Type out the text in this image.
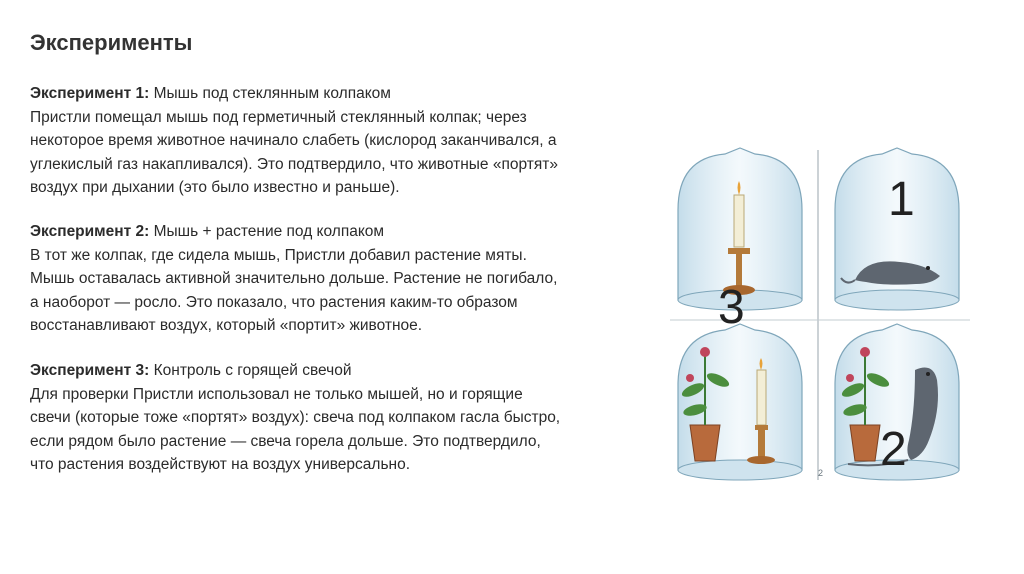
Эксперименты

Эксперимент 1: Мышь под стеклянным колпаком

Пристли помещал мышь под герметичный стеклянный колпак; через

некоторое время животное начинало слабеть (кислород заканчивался, а

углекислый газ накапливался). Это подтвердило, что животные «портят»

воздух при дыхании (это было известно и раньше).

Эксперимент 2: Мышь + растение под колпаком

В тот же колпак, где сидела мышь, Пристли добавил растение мяты.

Мышь оставалась активной значительно дольше. Растение не погибало,

а наоборот — росло. Это показало, что растения каким-то образом

восстанавливают воздух, который «портит» животное.

Эксперимент 3: Контроль с горящей свечой

Для проверки Пристли использовал не только мышей, но и горящие

свечи (которые тоже «портят» воздух): свеча под колпаком гасла быстро,

если рядом было растение — свеча горела дольше. Это подтвердило,

что растения воздействуют на воздух универсально.	2
1
2
3
